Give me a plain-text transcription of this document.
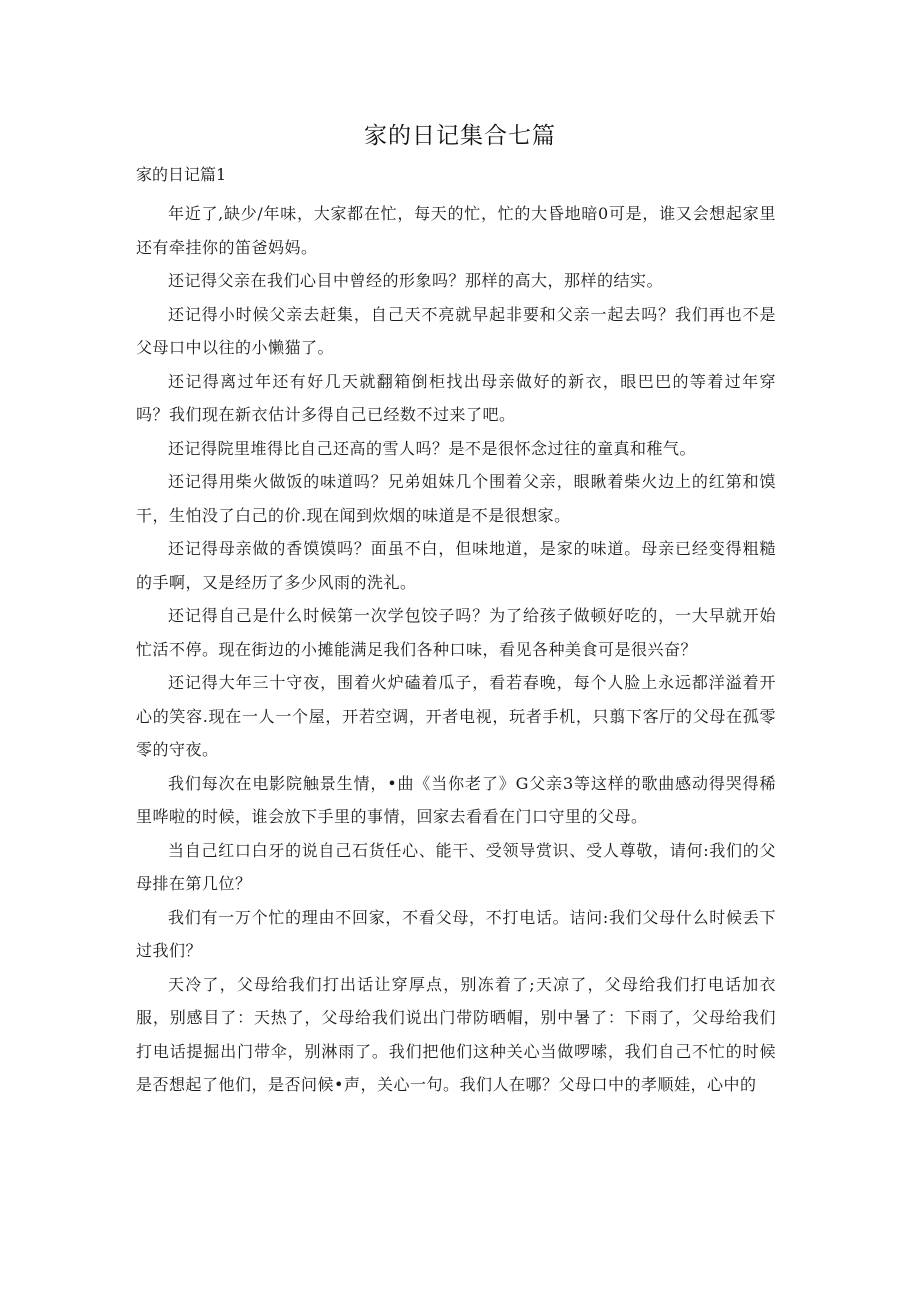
家的日记集合七篇
家的日记篇1

年近了,缺少/年味，大家都在忙，每天的忙，忙的大昏地暗0可是，谁又会想起家里还有牵挂你的笛爸妈妈。

还记得父亲在我们心目中曾经的形象吗？那样的高大，那样的结实。

还记得小时候父亲去赶集，自己天不亮就早起非要和父亲一起去吗？我们再也不是父母口中以往的小懒猫了。

还记得离过年还有好几天就翻箱倒柜找出母亲做好的新衣，眼巴巴的等着过年穿吗？我们现在新衣估计多得自己已经数不过来了吧。

还记得院里堆得比自己还高的雪人吗？是不是很怀念过往的童真和稚气。

还记得用柴火做饭的味道吗？兄弟姐妹几个围着父亲，眼瞅着柴火边上的红第和馍干，生怕没了白己的价.现在闻到炊烟的味道是不是很想家。

还记得母亲做的香馍馍吗？面虽不白，但味地道，是家的味道。母亲已经变得粗糙的手啊，又是经历了多少风雨的洗礼。

还记得自己是什么时候第一次学包饺子吗？为了给孩子做顿好吃的，一大早就开始忙活不停。现在街边的小摊能满足我们各种口味，看见各种美食可是很兴奋？

还记得大年三十守夜，围着火炉磕着瓜子，看若春晚，每个人脸上永远都洋溢着开心的笑容.现在一人一个屋，开若空调，开者电视，玩者手机，只翦下客厅的父母在孤零零的守夜。

我们每次在电影院触景生情，•曲《当你老了》G父亲3等这样的歌曲感动得哭得稀里哗啦的时候，谁会放下手里的事情，回家去看看在门口守里的父母。

当自己红口白牙的说自己石货任心、能干、受领导赏识、受人尊敬，请何:我们的父母排在第几位？

我们有一万个忙的理由不回家，不看父母，不打电话。诘问:我们父母什么时候丢下过我们？

天冷了，父母给我们打出话让穿厚点，别冻着了;天凉了，父母给我们打电话加衣服，别感目了：天热了，父母给我们说出门带防晒帽，别中暑了：下雨了，父母给我们打电话提掘出门带伞，别淋雨了。我们把他们这种关心当做啰嗦，我们自己不忙的时候是否想起了他们，是否问候•声，关心一句。我们人在哪？父母口中的孝顺娃，心中的
